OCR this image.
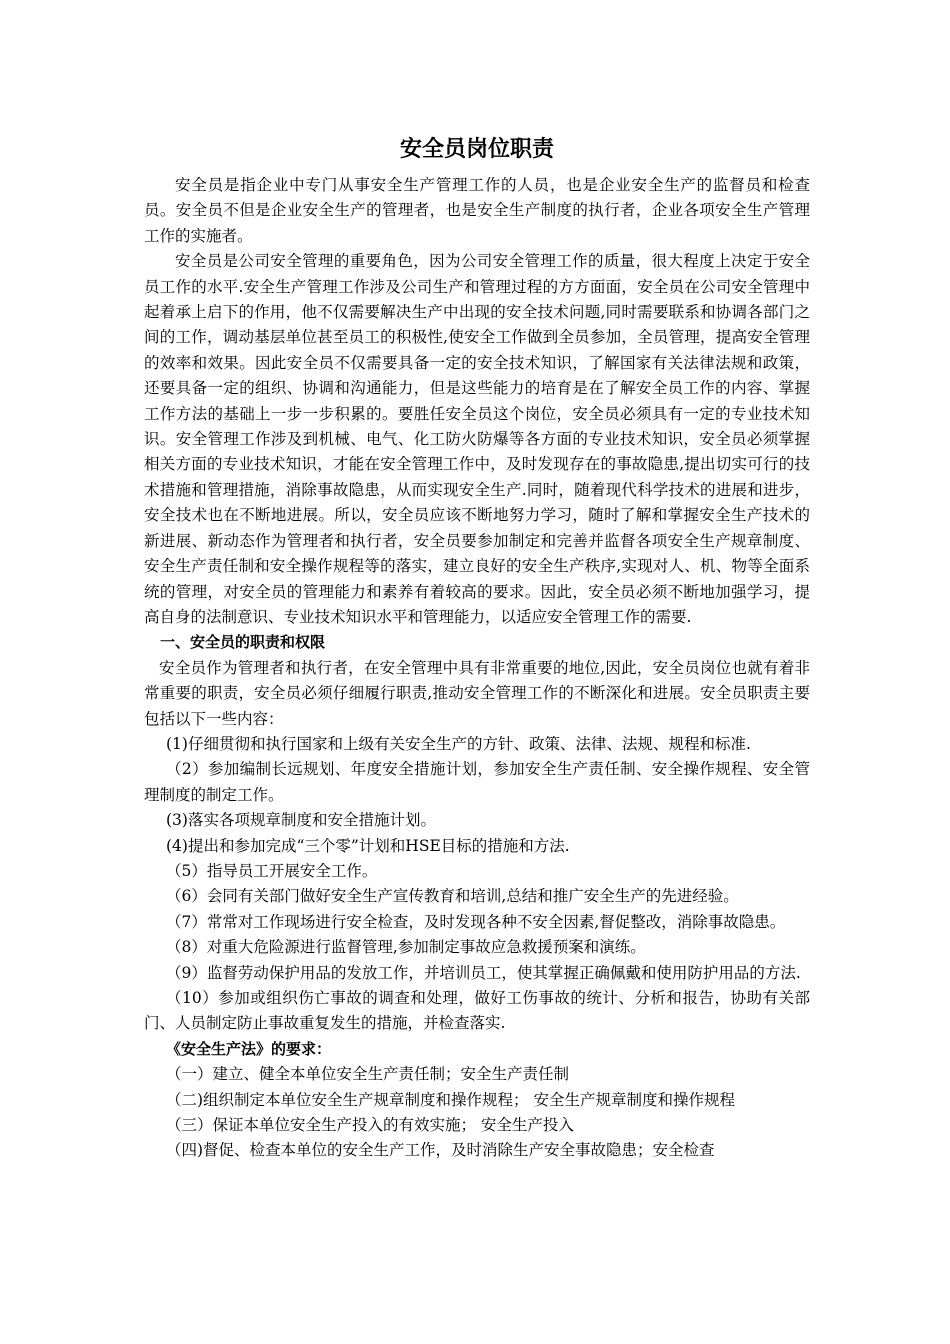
安全员岗位职责

安全员是指企业中专门从事安全生产管理工作的人员，也是企业安全生产的监督员和检查员。安全员不但是企业安全生产的管理者，也是安全生产制度的执行者，企业各项安全生产管理工作的实施者。

安全员是公司安全管理的重要角色，因为公司安全管理工作的质量，很大程度上决定于安全员工作的水平.安全生产管理工作涉及公司生产和管理过程的方方面面，安全员在公司安全管理中起着承上启下的作用，他不仅需要解决生产中出现的安全技术问题,同时需要联系和协调各部门之间的工作，调动基层单位甚至员工的积极性,使安全工作做到全员参加，全员管理，提高安全管理的效率和效果。因此安全员不仅需要具备一定的安全技术知识，了解国家有关法律法规和政策，还要具备一定的组织、协调和沟通能力，但是这些能力的培育是在了解安全员工作的内容、掌握工作方法的基础上一步一步积累的。要胜任安全员这个岗位，安全员必须具有一定的专业技术知识。安全管理工作涉及到机械、电气、化工防火防爆等各方面的专业技术知识，安全员必须掌握相关方面的专业技术知识，才能在安全管理工作中，及时发现存在的事故隐患,提出切实可行的技术措施和管理措施，消除事故隐患，从而实现安全生产.同时，随着现代科学技术的进展和进步，安全技术也在不断地进展。所以，安全员应该不断地努力学习，随时了解和掌握安全生产技术的新进展、新动态作为管理者和执行者，安全员要参加制定和完善并监督各项安全生产规章制度、安全生产责任制和安全操作规程等的落实，建立良好的安全生产秩序,实现对人、机、物等全面系统的管理，对安全员的管理能力和素养有着较高的要求。因此，安全员必须不断地加强学习，提高自身的法制意识、专业技术知识水平和管理能力，以适应安全管理工作的需要.

一、安全员的职责和权限

安全员作为管理者和执行者，在安全管理中具有非常重要的地位,因此，安全员岗位也就有着非常重要的职责，安全员必须仔细履行职责,推动安全管理工作的不断深化和进展。安全员职责主要包括以下一些内容：

(1)仔细贯彻和执行国家和上级有关安全生产的方针、政策、法律、法规、规程和标准.

（2）参加编制长远规划、年度安全措施计划，参加安全生产责任制、安全操作规程、安全管理制度的制定工作。

(3)落实各项规章制度和安全措施计划。

(4)提出和参加完成“三个零”计划和HSE目标的措施和方法.

（5）指导员工开展安全工作。

（6）会同有关部门做好安全生产宣传教育和培训,总结和推广安全生产的先进经验。

（7）常常对工作现场进行安全检查，及时发现各种不安全因素,督促整改，消除事故隐患。

（8）对重大危险源进行监督管理,参加制定事故应急救援预案和演练。

（9）监督劳动保护用品的发放工作，并培训员工，使其掌握正确佩戴和使用防护用品的方法.

（10）参加或组织伤亡事故的调查和处理，做好工伤事故的统计、分析和报告，协助有关部门、人员制定防止事故重复发生的措施，并检查落实.

《安全生产法》的要求：

（一）建立、健全本单位安全生产责任制；安全生产责任制

（二)组织制定本单位安全生产规章制度和操作规程； 安全生产规章制度和操作规程

（三）保证本单位安全生产投入的有效实施； 安全生产投入

（四)督促、检查本单位的安全生产工作，及时消除生产安全事故隐患；安全检查
